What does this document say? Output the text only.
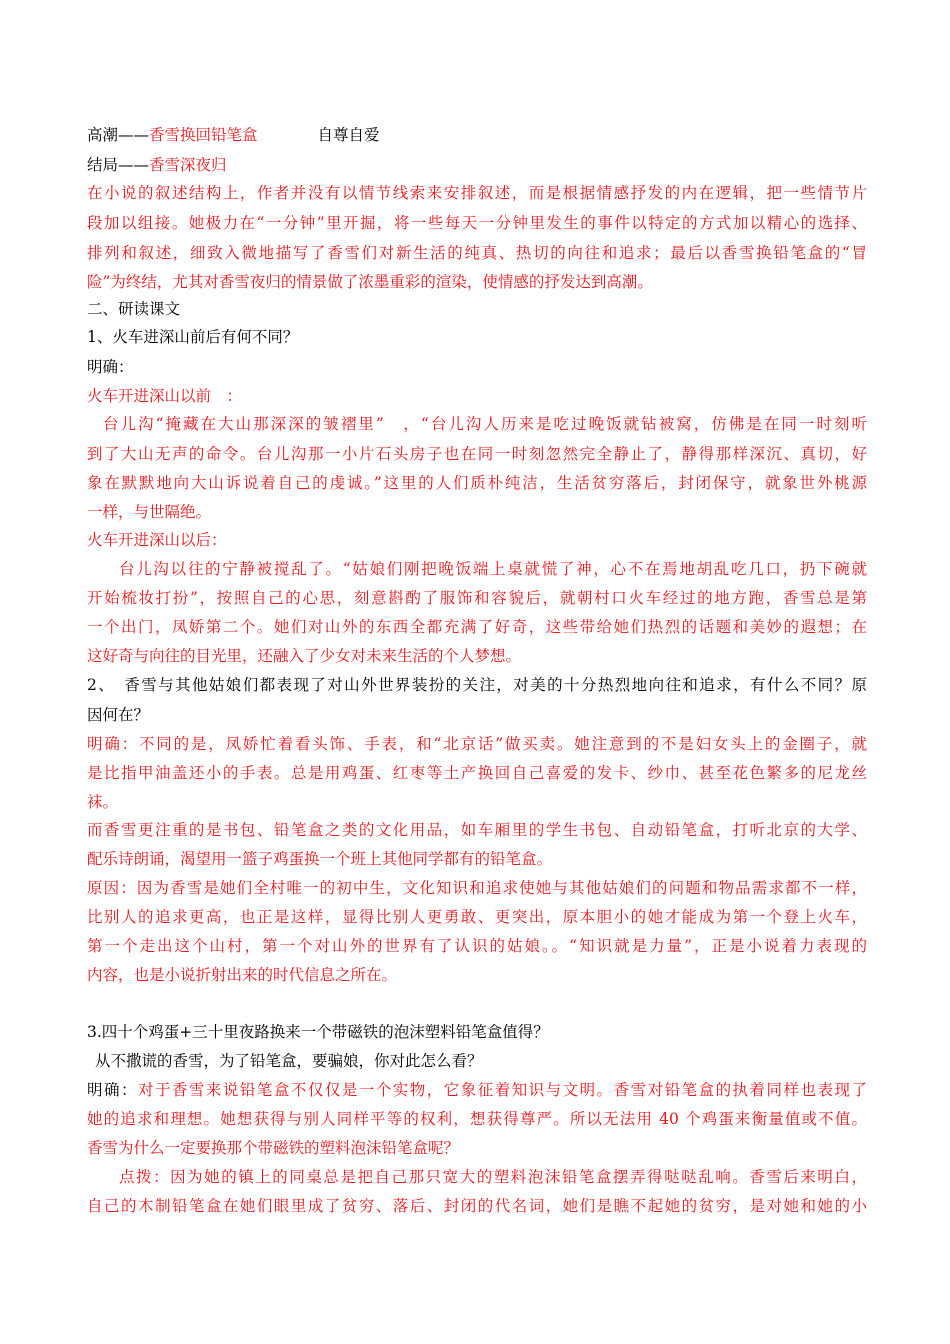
高潮——香雪换回铅笔盒	自尊自爱
结局——香雪深夜归
在小说的叙述结构上，作者并没有以情节线索来安排叙述，而是根据情感抒发的内在逻辑，把一些情节片
段加以组接。她极力在“一分钟”里开掘，将一些每天一分钟里发生的事件以特定的方式加以精心的选择、
排列和叙述，细致入微地描写了香雪们对新生活的纯真、热切的向往和追求；最后以香雪换铅笔盒的“冒
险”为终结，尤其对香雪夜归的情景做了浓墨重彩的渲染，使情感的抒发达到高潮。
二、研读课文
1、火车进深山前后有何不同？
明确：
火车开进深山以前　：
台儿沟“掩藏在大山那深深的皱褶里”　，“台儿沟人历来是吃过晚饭就钻被窝，仿佛是在同一时刻听
到了大山无声的命令。台儿沟那一小片石头房子也在同一时刻忽然完全静止了，静得那样深沉、真切，好
象在默默地向大山诉说着自己的虔诚。”这里的人们质朴纯洁，生活贫穷落后，封闭保守，就象世外桃源
一样，与世隔绝。
火车开进深山以后：
台儿沟以往的宁静被搅乱了。“姑娘们刚把晚饭端上桌就慌了神，心不在焉地胡乱吃几口，扔下碗就
开始梳妆打扮”，按照自己的心思，刻意斟酌了服饰和容貌后，就朝村口火车经过的地方跑，香雪总是第
一个出门，凤娇第二个。她们对山外的东西全都充满了好奇，这些带给她们热烈的话题和美妙的遐想；在
这好奇与向往的目光里，还融入了少女对未来生活的个人梦想。
2、　香雪与其他姑娘们都表现了对山外世界装扮的关注，对美的十分热烈地向往和追求，有什么不同？原
因何在？
明确：不同的是，凤娇忙着看头饰、手表，和“北京话”做买卖。她注意到的不是妇女头上的金圈子，就
是比指甲油盖还小的手表。总是用鸡蛋、红枣等土产换回自己喜爱的发卡、纱巾、甚至花色繁多的尼龙丝
袜。
而香雪更注重的是书包、铅笔盒之类的文化用品，如车厢里的学生书包、自动铅笔盒，打听北京的大学、
配乐诗朗诵，渴望用一篮子鸡蛋换一个班上其他同学都有的铅笔盒。
原因：因为香雪是她们全村唯一的初中生，文化知识和追求使她与其他姑娘们的问题和物品需求都不一样，
比别人的追求更高，也正是这样，显得比别人更勇敢、更突出，原本胆小的她才能成为第一个登上火车，
第一个走出这个山村，第一个对山外的世界有了认识的姑娘。。“知识就是力量”，正是小说着力表现的
内容，也是小说折射出来的时代信息之所在。
3.四十个鸡蛋+三十里夜路换来一个带磁铁的泡沫塑料铅笔盒值得？
从不撒谎的香雪，为了铅笔盒，要骗娘，你对此怎么看？
明确：对于香雪来说铅笔盒不仅仅是一个实物，它象征着知识与文明。香雪对铅笔盒的执着同样也表现了
她的追求和理想。她想获得与别人同样平等的权利，想获得尊严。所以无法用 40 个鸡蛋来衡量值或不值。
香雪为什么一定要换那个带磁铁的塑料泡沫铅笔盒呢？
点拨：因为她的镇上的同桌总是把自己那只宽大的塑料泡沫铅笔盒摆弄得哒哒乱响。香雪后来明白，
自己的木制铅笔盒在她们眼里成了贫穷、落后、封闭的代名词，她们是瞧不起她的贫穷，是对她和她的小
